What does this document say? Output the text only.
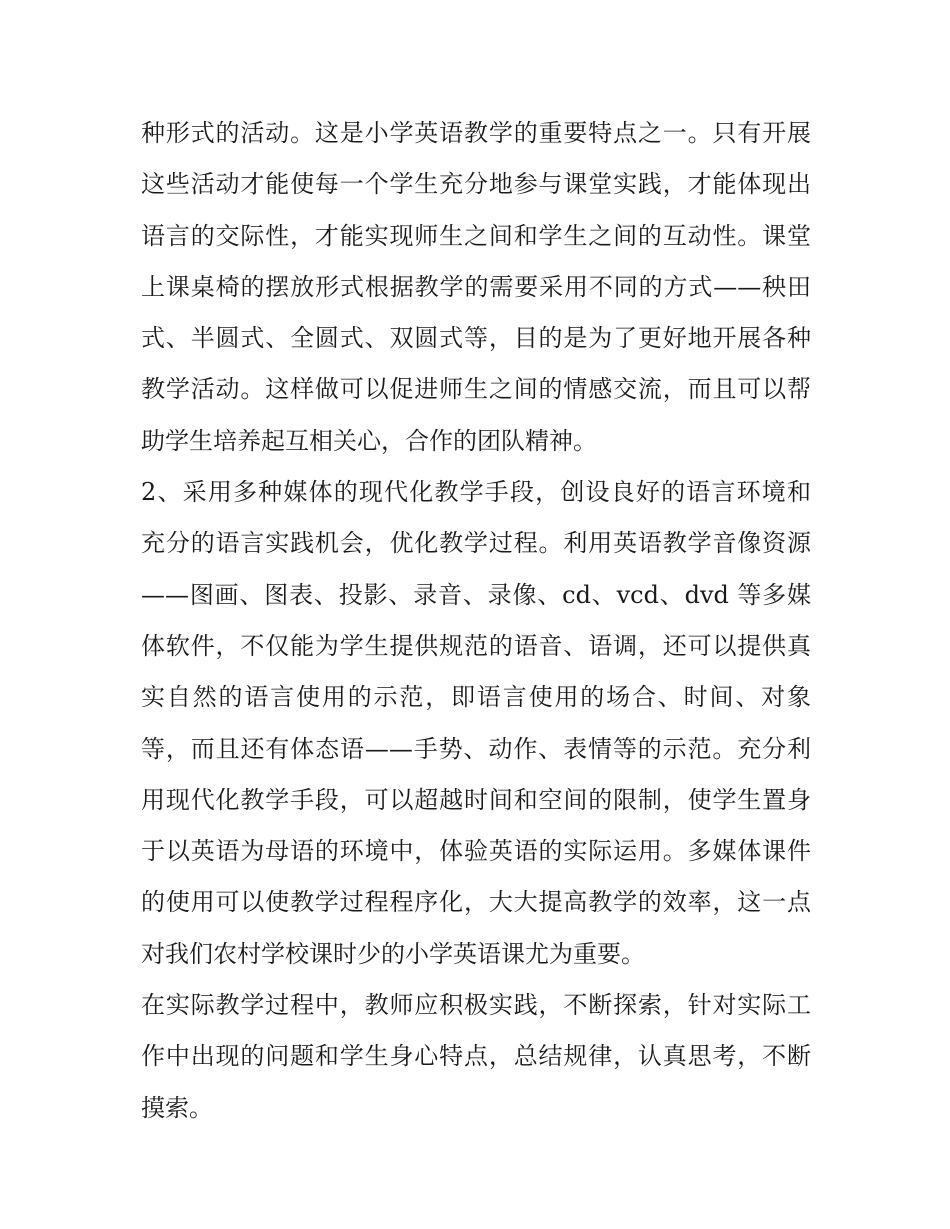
种形式的活动。这是小学英语教学的重要特点之一。只有开展
这些活动才能使每一个学生充分地参与课堂实践，才能体现出
语言的交际性，才能实现师生之间和学生之间的互动性。课堂
上课桌椅的摆放形式根据教学的需要采用不同的方式——秧田
式、半圆式、全圆式、双圆式等，目的是为了更好地开展各种
教学活动。这样做可以促进师生之间的情感交流，而且可以帮
助学生培养起互相关心，合作的团队精神。
2、采用多种媒体的现代化教学手段，创设良好的语言环境和
充分的语言实践机会，优化教学过程。利用英语教学音像资源
——图画、图表、投影、录音、录像、cd、vcd、dvd 等多媒
体软件，不仅能为学生提供规范的语音、语调，还可以提供真
实自然的语言使用的示范，即语言使用的场合、时间、对象
等，而且还有体态语——手势、动作、表情等的示范。充分利
用现代化教学手段，可以超越时间和空间的限制，使学生置身
于以英语为母语的环境中，体验英语的实际运用。多媒体课件
的使用可以使教学过程程序化，大大提高教学的效率，这一点
对我们农村学校课时少的小学英语课尤为重要。
在实际教学过程中，教师应积极实践，不断探索，针对实际工
作中出现的问题和学生身心特点，总结规律，认真思考，不断
摸索。
